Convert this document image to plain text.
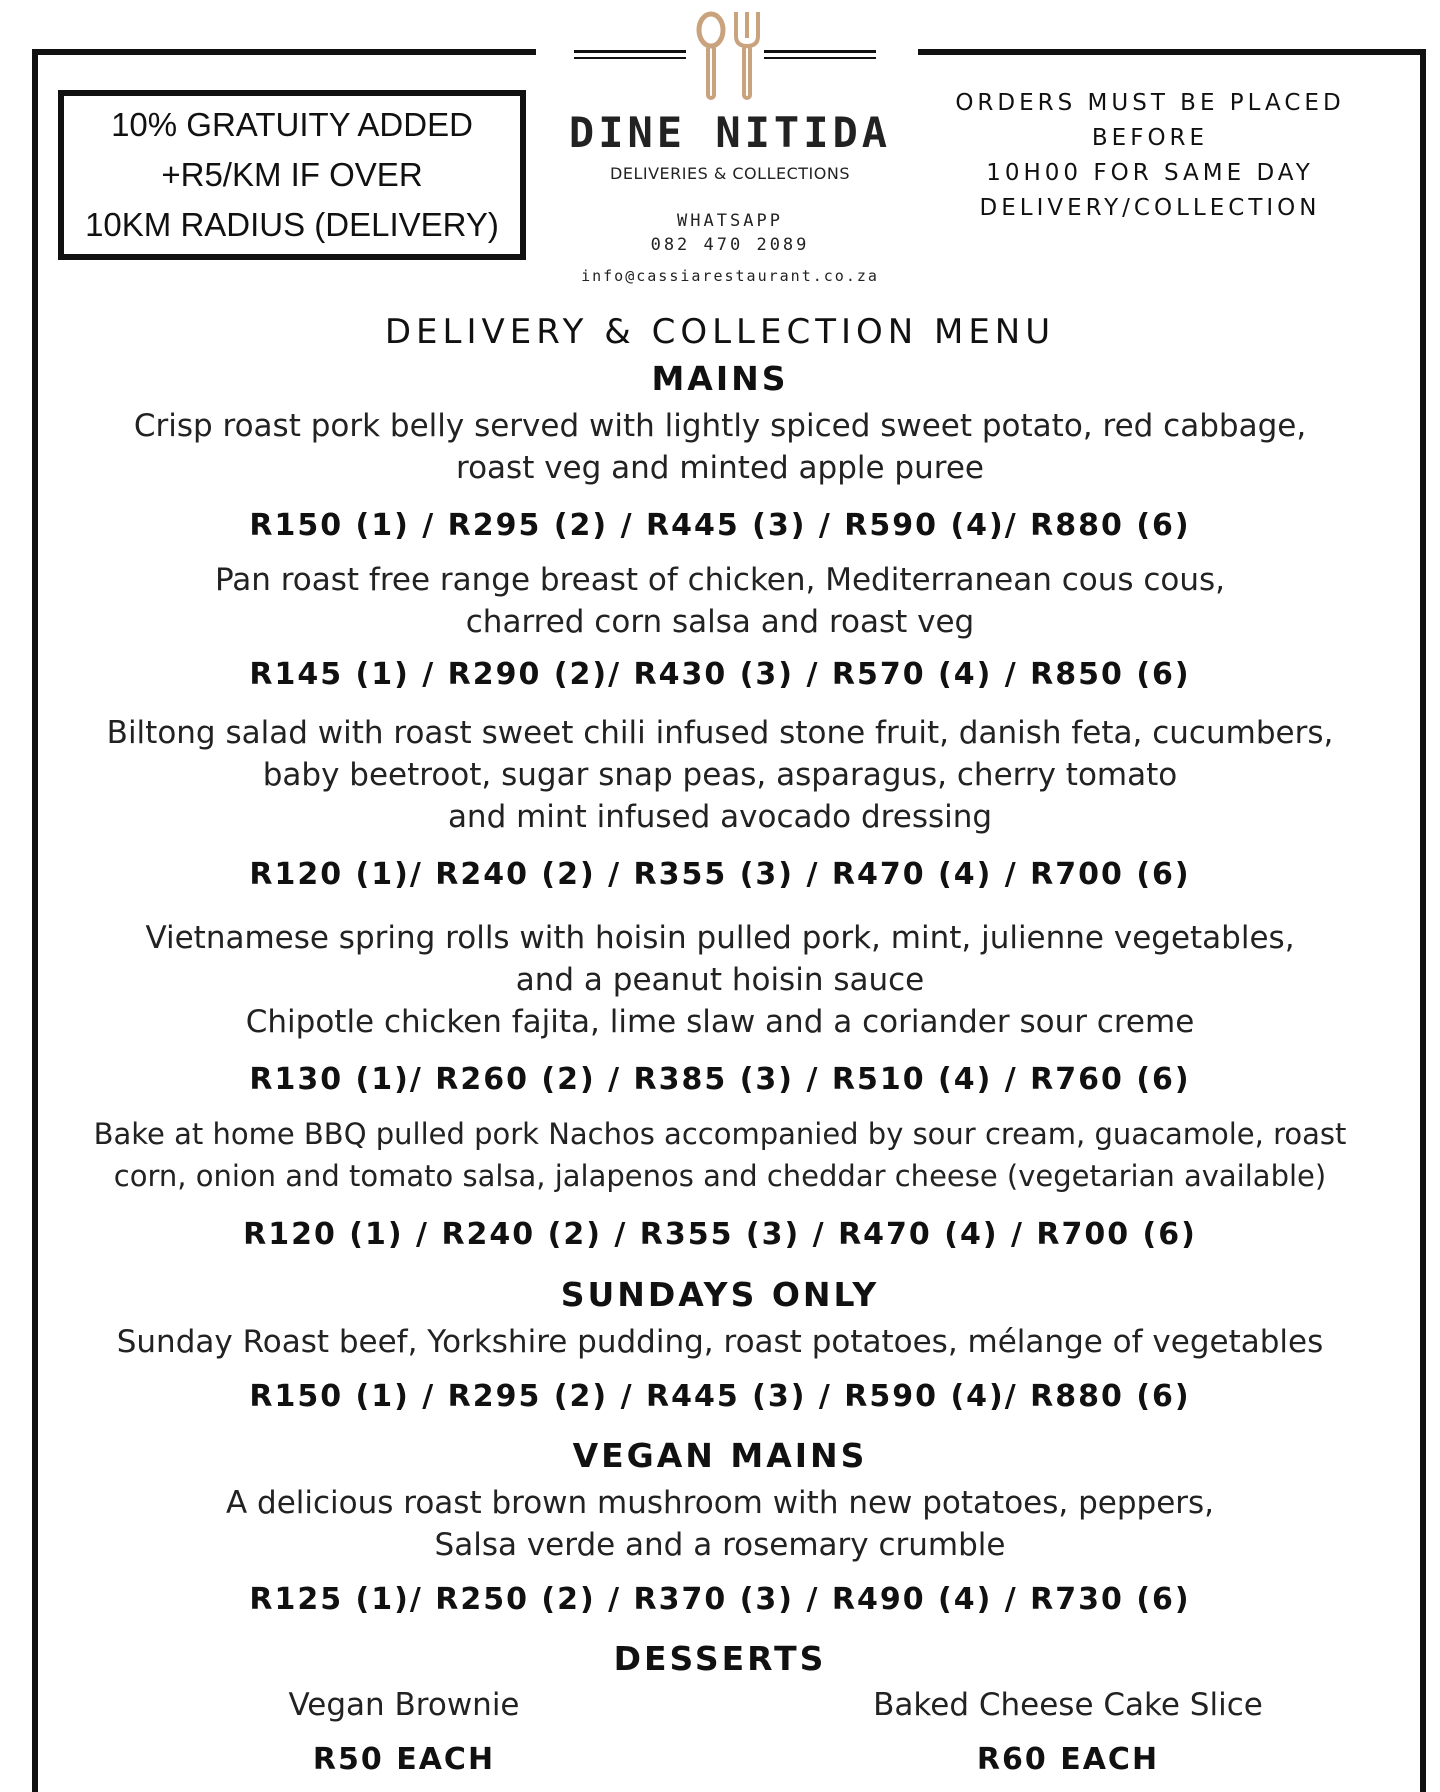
10% GRATUITY ADDED
+R5/KM IF OVER
10KM RADIUS (DELIVERY)
DINE NITIDA
DELIVERIES & COLLECTIONS
WHATSAPP
082 470 2089
info@cassiarestaurant.co.za
ORDERS MUST BE PLACED BEFORE
10H00 FOR SAME DAY
DELIVERY/COLLECTION
DELIVERY & COLLECTION MENU
MAINS
Crisp roast pork belly served with lightly spiced sweet potato, red cabbage,
roast veg and minted apple puree
R150 (1) / R295 (2) / R445 (3) / R590 (4)/ R880 (6)
Pan roast free range breast of chicken, Mediterranean cous cous,
charred corn salsa and roast veg
R145 (1) / R290 (2)/ R430 (3) / R570 (4) / R850 (6)
Biltong salad with roast sweet chili infused stone fruit, danish feta, cucumbers,
baby beetroot, sugar snap peas, asparagus, cherry tomato
and mint infused avocado dressing
R120 (1)/ R240 (2) / R355 (3) / R470 (4) / R700 (6)
Vietnamese spring rolls with hoisin pulled pork, mint, julienne vegetables,
and a peanut hoisin sauce
Chipotle chicken fajita, lime slaw and a coriander sour creme
R130 (1)/ R260 (2) / R385 (3) / R510 (4) / R760 (6)
Bake at home BBQ pulled pork Nachos accompanied by sour cream, guacamole, roast
corn, onion and tomato salsa, jalapenos and cheddar cheese (vegetarian available)
R120 (1) / R240 (2) / R355 (3) / R470 (4) / R700 (6)
SUNDAYS ONLY
Sunday Roast beef, Yorkshire pudding, roast potatoes, mélange of vegetables
R150 (1) / R295 (2) / R445 (3) / R590 (4)/ R880 (6)
VEGAN MAINS
A delicious roast brown mushroom with new potatoes, peppers,
Salsa verde and a rosemary crumble
R125 (1)/ R250 (2) / R370 (3) / R490 (4) / R730 (6)
DESSERTS
Vegan Brownie
R50 EACH
Baked Cheese Cake Slice
R60 EACH
